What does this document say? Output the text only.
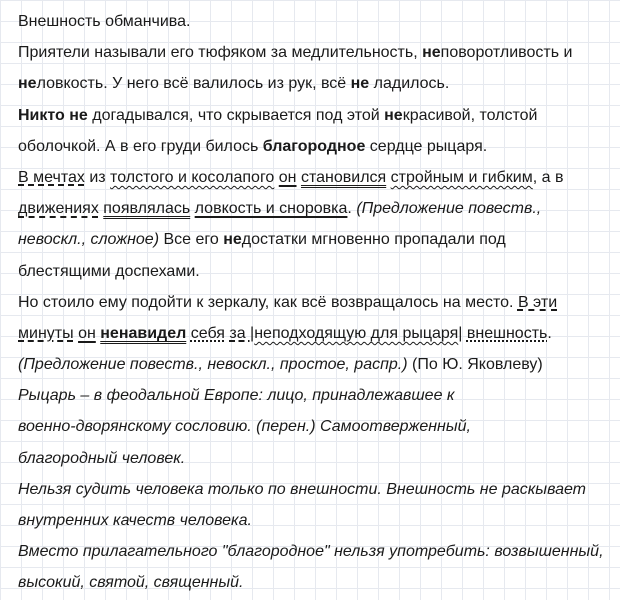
Внешность обманчива.
Приятели называли его тюфяком за медлительность, неповоротливость и
неловкость. У него всё валилось из рук, всё не ладилось.
Никто не догадывался, что скрывается под этой некрасивой, толстой
оболочкой. А в его груди билось благородное сердце рыцаря.
В мечтах из толстого и косолапого он становился стройным и гибким, а в
движениях появлялась ловкость и сноровка. (Предложение повеств.,
невоскл., сложное) Все его недостатки мгновенно пропадали под
блестящими доспехами.
Но стоило ему подойти к зеркалу, как всё возвращалось на место. В эти
минуты он ненавидел себя за |неподходящую для рыцаря| внешность.
(Предложение повеств., невоскл., простое, распр.) (По Ю. Яковлеву)
Рыцарь – в феодальной Европе: лицо, принадлежавшее к
военно-дворянскому сословию. (перен.) Самоотверженный,
благородный человек.
Нельзя судить человека только по внешности. Внешность не раскывает
внутренних качеств человека.
Вместо прилагательного "благородное" нельзя употребить: возвышенный,
высокий, святой, священный.
